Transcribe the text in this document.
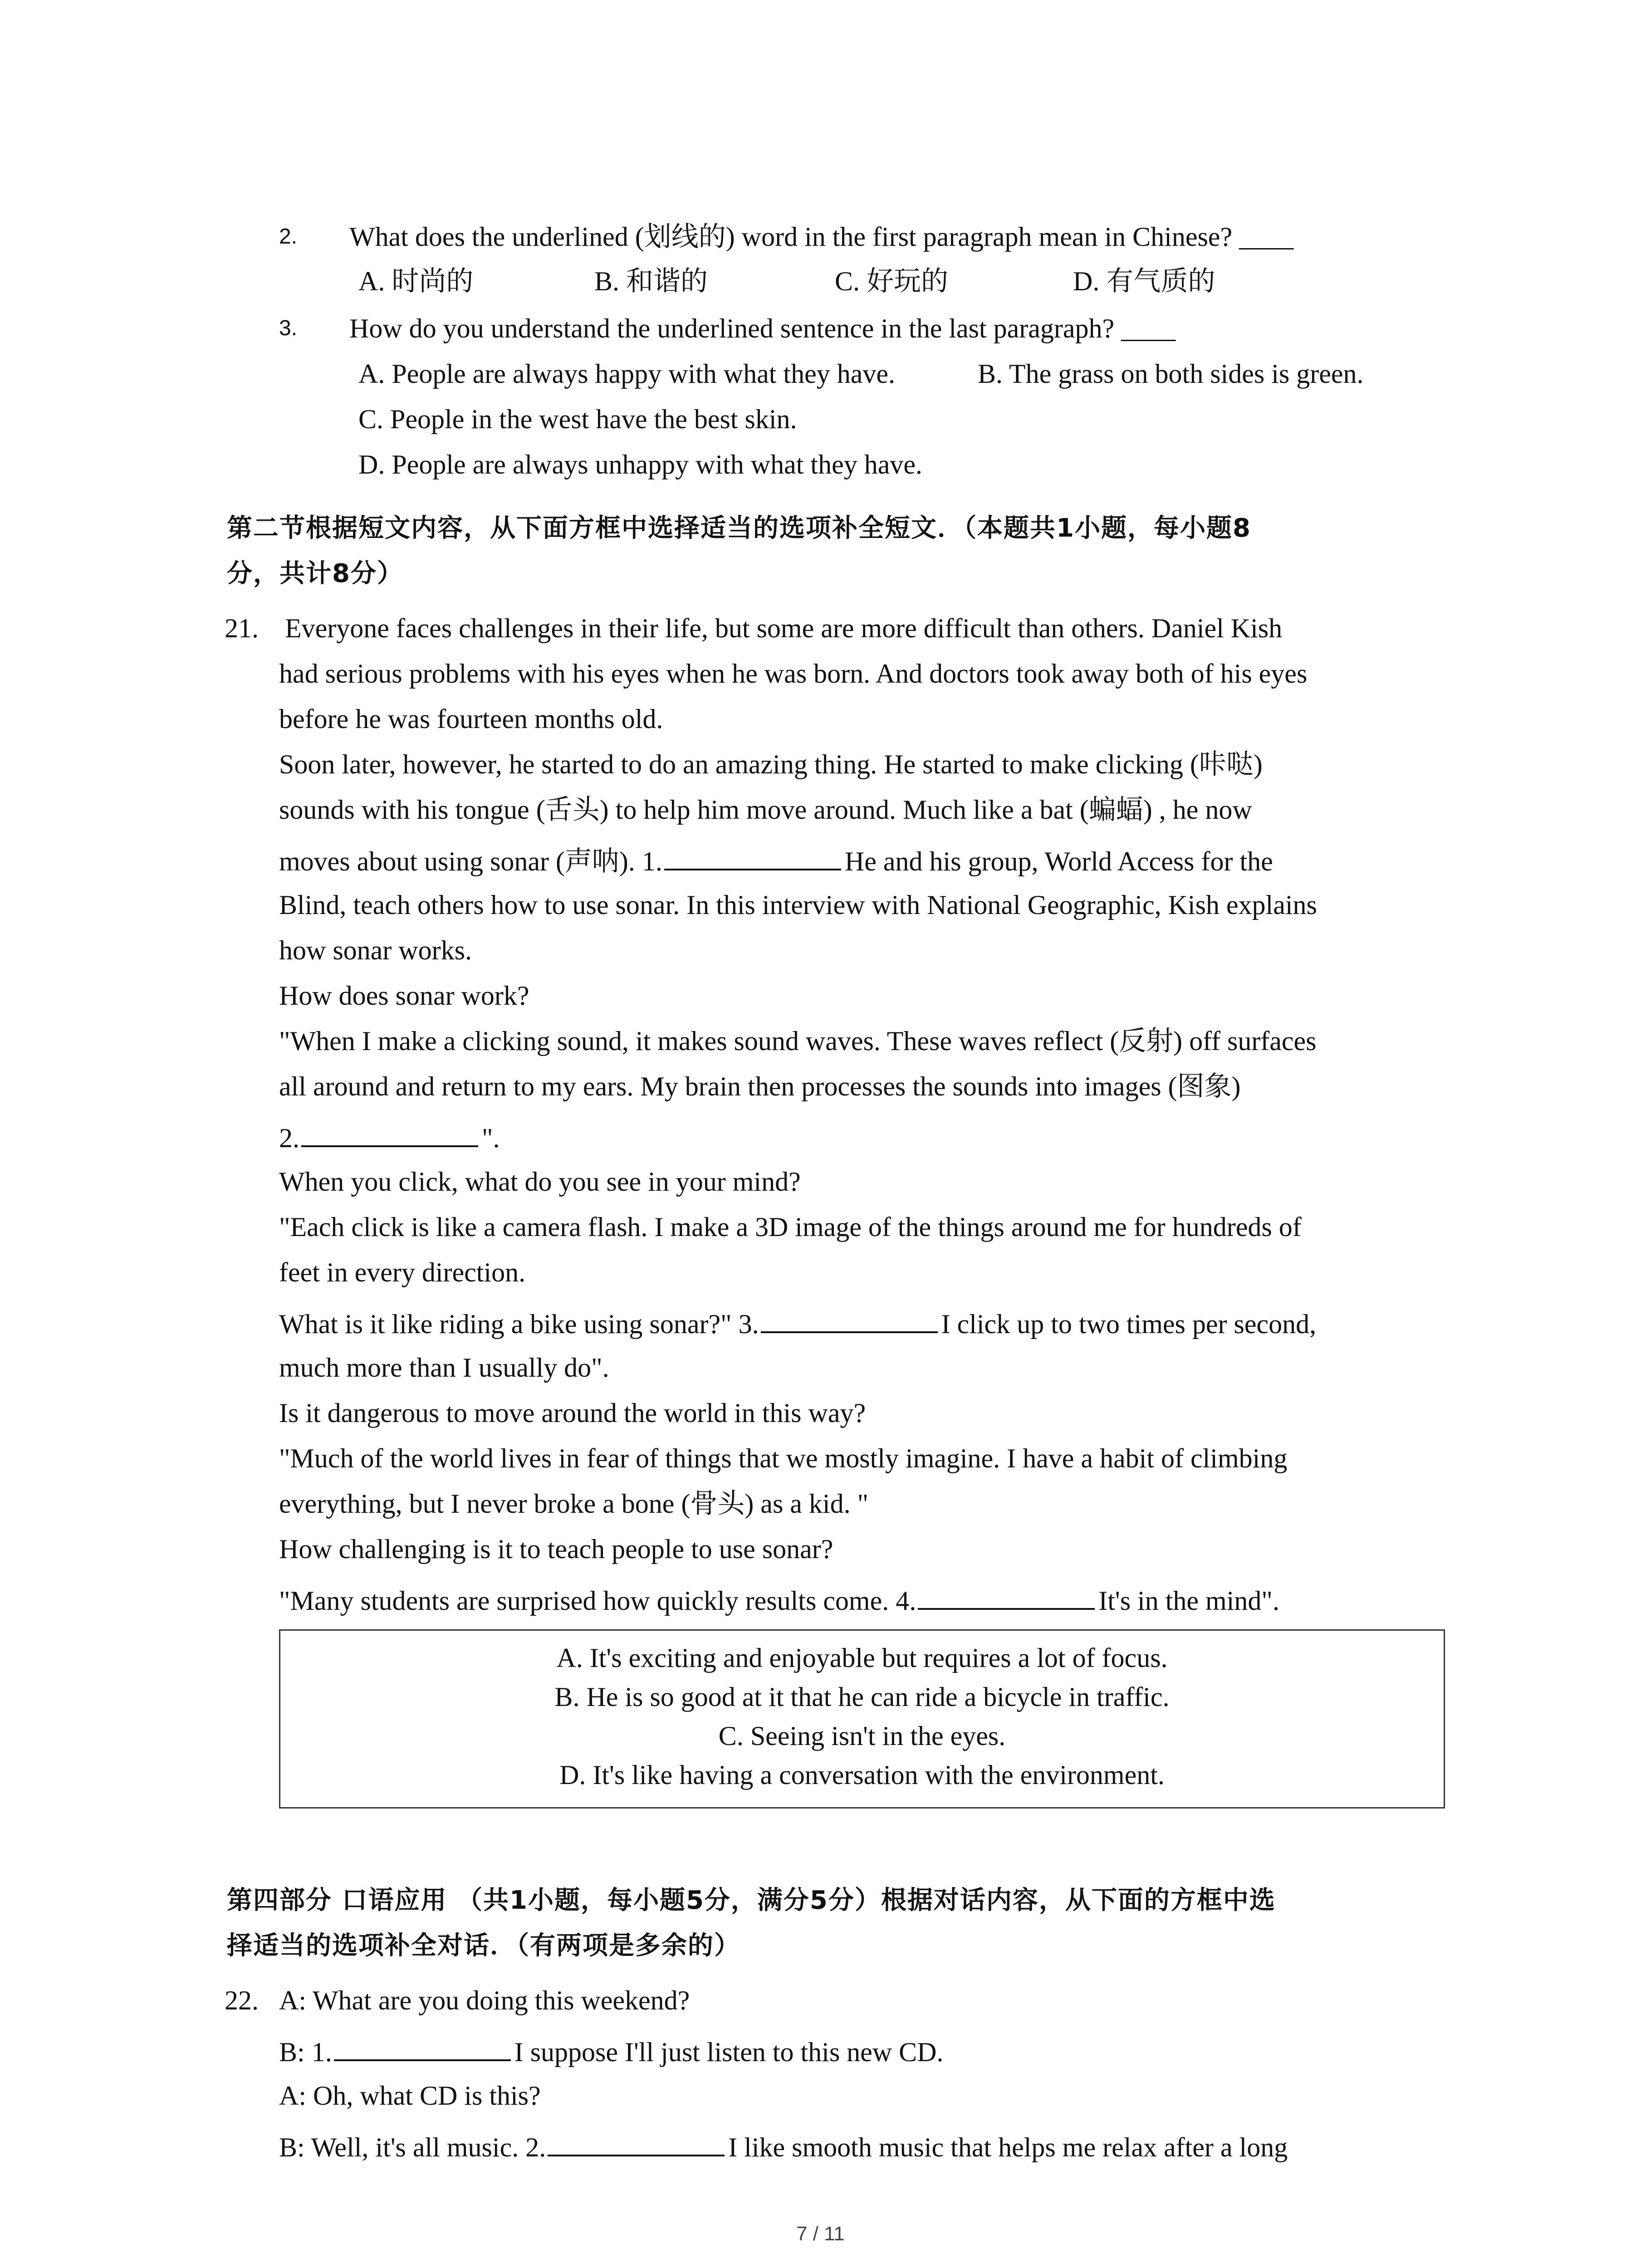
2. What does the underlined (划线的) word in the first paragraph mean in Chinese? ____
A. 时尚的	B. 和谐的	C. 好玩的	D. 有气质的
3. How do you understand the underlined sentence in the last paragraph? ____
A. People are always happy with what they have.	B. The grass on both sides is green.
C. People in the west have the best skin.
D. People are always unhappy with what they have.
第二节根据短文内容，从下面方框中选择适当的选项补全短文．（本题共1小题，每小题8
分，共计8分）
21. Everyone faces challenges in their life, but some are more difficult than others. Daniel Kish
had serious problems with his eyes when he was born. And doctors took away both of his eyes
before he was fourteen months old.
Soon later, however, he started to do an amazing thing. He started to make clicking (咔哒)
sounds with his tongue (舌头) to help him move around. Much like a bat (蝙蝠) , he now
moves about using sonar (声呐). 1.	He and his group, World Access for the
Blind, teach others how to use sonar. In this interview with National Geographic, Kish explains
how sonar works.
How does sonar work?
"When I make a clicking sound, it makes sound waves. These waves reflect (反射) off surfaces
all around and return to my ears. My brain then processes the sounds into images (图象)
2.	".
When you click, what do you see in your mind?
"Each click is like a camera flash. I make a 3D image of the things around me for hundreds of
feet in every direction.
What is it like riding a bike using sonar?" 3.	I click up to two times per second,
much more than I usually do".
Is it dangerous to move around the world in this way?
"Much of the world lives in fear of things that we mostly imagine. I have a habit of climbing
everything, but I never broke a bone (骨头) as a kid. "
How challenging is it to teach people to use sonar?
"Many students are surprised how quickly results come. 4.	It's in the mind".
A. It's exciting and enjoyable but requires a lot of focus.
B. He is so good at it that he can ride a bicycle in traffic.
C. Seeing isn't in the eyes.
D. It's like having a conversation with the environment.
第四部分 口语应用 （共1小题，每小题5分，满分5分）根据对话内容，从下面的方框中选
择适当的选项补全对话．（有两项是多余的）
22. A: What are you doing this weekend?
B: 1.	I suppose I'll just listen to this new CD.
A: Oh, what CD is this?
B: Well, it's all music. 2.	I like smooth music that helps me relax after a long
7 / 11
